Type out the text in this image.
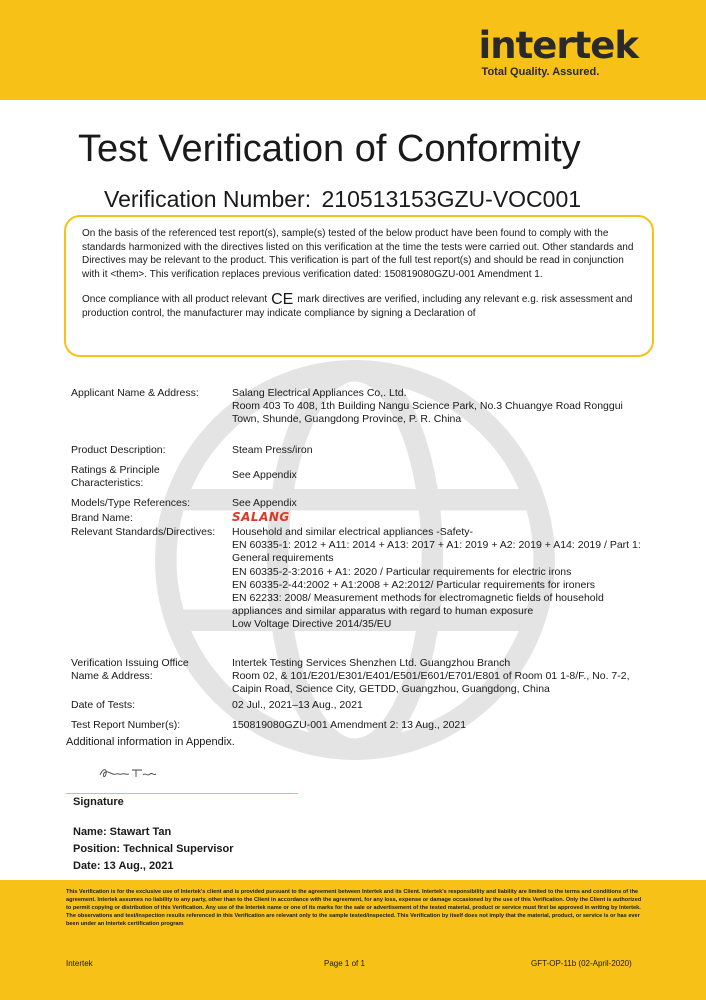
intertek
Total Quality. Assured.
Test Verification of Conformity
Verification Number: 210513153GZU-VOC001

On the basis of the referenced test report(s), sample(s) tested of the below product have been found to comply with the standards harmonized with the directives listed on this verification at the time the tests were carried out. Other standards and Directives may be relevant to the product. This verification is part of the full test report(s) and should be read in conjunction with it <them>. This verification replaces previous verification dated: 150819080GZU-001 Amendment 1.

Once compliance with all product relevant CE mark directives are verified, including any relevant e.g. risk assessment and production control, the manufacturer may indicate compliance by signing a Declaration of

Applicant Name & Address:	Salang Electrical Appliances Co,. Ltd.
Room 403 To 408, 1th Building Nangu Science Park, No.3 Chuangye Road Ronggui
Town, Shunde, Guangdong Province, P. R. China
Product Description:	Steam Press/iron
Ratings & Principle
Characteristics:
See Appendix
Models/Type References:	See Appendix
Brand Name:	SALANG
Relevant Standards/Directives: Household and similar electrical appliances -Safety-
EN 60335-1: 2012 + A11: 2014 + A13: 2017 + A1: 2019 + A2: 2019 + A14: 2019 / Part 1:
General requirements
EN 60335-2-3:2016 + A1: 2020 / Particular requirements for electric irons
EN 60335-2-44:2002 + A1:2008 + A2:2012/ Particular requirements for ironers
EN 62233: 2008/ Measurement methods for electromagnetic fields of household
appliances and similar apparatus with regard to human exposure
Low Voltage Directive 2014/35/EU
Verification Issuing Office
Name & Address:
Intertek Testing Services Shenzhen Ltd. Guangzhou Branch
Room 02, & 101/E201/E301/E401/E501/E601/E701/E801 of Room 01 1-8/F., No. 7-2,
Caipin Road, Science City, GETDD, Guangzhou, Guangdong, China
Date of Tests:	02 Jul., 2021–13 Aug., 2021
Test Report Number(s):	150819080GZU-001 Amendment 2: 13 Aug., 2021
Additional information in Appendix.
Signature
Name: Stawart Tan
Position: Technical Supervisor
Date: 13 Aug., 2021
This Verification is for the exclusive use of Intertek's client and is provided pursuant to the agreement between Intertek and its Client. Intertek's responsibility and liability are limited to the terms and conditions of the agreement. Intertek assumes no liability to any party, other than to the Client in accordance with the agreement, for any loss, expense or damage occasioned by the use of this Verification. Only the Client is authorized to permit copying or distribution of this Verification. Any use of the Intertek name or one of its marks for the sale or advertisement of the tested material, product or service must first be approved in writing by Intertek. The observations and test/inspection results referenced in this Verification are relevant only to the sample tested/inspected. This Verification by itself does not imply that the material, product, or service is or has ever been under an Intertek certification program
Intertek	Page 1 of 1	GFT-OP-11b (02-April-2020)
